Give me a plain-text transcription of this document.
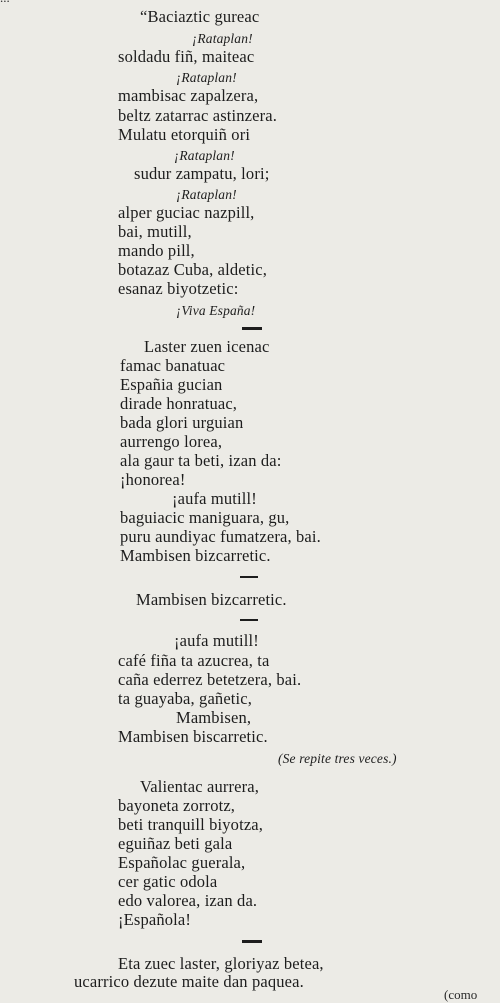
“Baciaztic gureac
¡Rataplan!
soldadu fiñ, maiteac
¡Rataplan!
mambisac zapalzera,
beltz zatarrac astinzera.
Mulatu etorquiñ ori
¡Rataplan!
sudur zampatu, lori;
¡Rataplan!
alper guciac nazpill,
bai, mutill,
mando pill,
botazaz Cuba, aldetic,
esanaz biyotzetic:
¡Viva España!
Laster zuen icenac
famac banatuac
Españia gucian
dirade honratuac,
bada glori urguian
aurrengo lorea,
ala gaur ta beti, izan da:
¡honorea!
¡aufa mutill!
baguiacic maniguara, gu,
puru aundiyac fumatzera, bai.
Mambisen bizcarretic.
Mambisen bizcarretic.
¡aufa mutill!
café fiña ta azucrea, ta
caña ederrez betetzera, bai.
ta guayaba, gañetic,
Mambisen,
Mambisen biscarretic.
(Se repite tres veces.)
Valientac aurrera,
bayoneta zorrotz,
beti tranquill biyotza,
eguiñaz beti gala
Españolac guerala,
cer gatic odola
edo valorea, izan da.
¡Española!
Eta zuec laster, gloriyaz betea,
ucarrico dezute maite dan paquea.
(como
